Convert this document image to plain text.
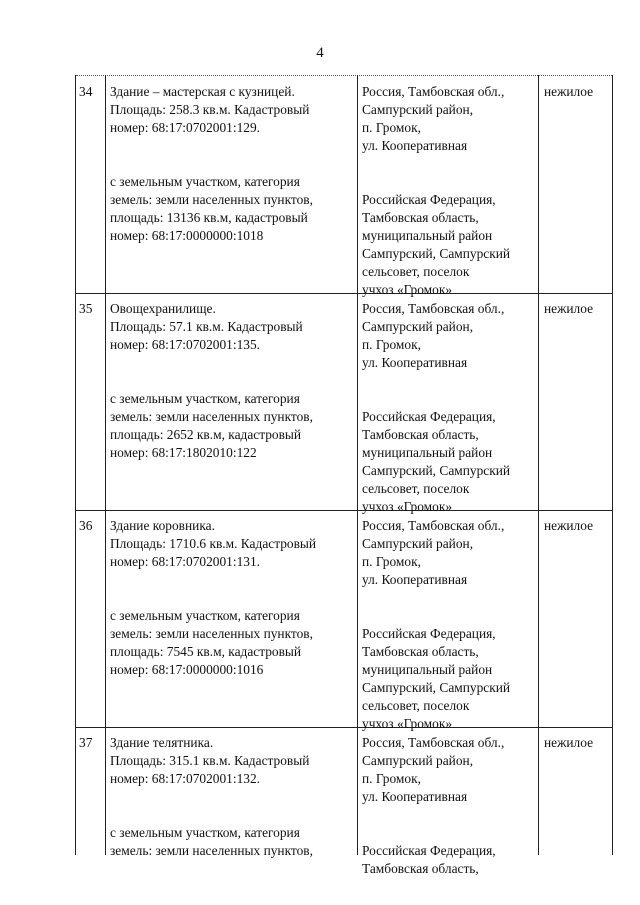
4
34 Здание – мастерская с кузницей.
Площадь: 258.3 кв.м. Кадастровый
номер: 68:17:0702001:129.
с земельным участком, категория
земель: земли населенных пунктов,
площадь: 13136 кв.м, кадастровый
номер: 68:17:0000000:1018
Россия, Тамбовская обл.,
Сампурский район,
п. Громок,
ул. Кооперативная
Российская Федерация,
Тамбовская область,
муниципальный район
Сампурский, Сампурский
сельсовет, поселок
учхоз «Громок»
нежилое
35 Овощехранилище.
Площадь: 57.1 кв.м. Кадастровый
номер: 68:17:0702001:135.
с земельным участком, категория
земель: земли населенных пунктов,
площадь: 2652 кв.м, кадастровый
номер: 68:17:1802010:122
Россия, Тамбовская обл.,
Сампурский район,
п. Громок,
ул. Кооперативная
Российская Федерация,
Тамбовская область,
муниципальный район
Сампурский, Сампурский
сельсовет, поселок
учхоз «Громок»
нежилое
36 Здание коровника.
Площадь: 1710.6 кв.м. Кадастровый
номер: 68:17:0702001:131.
с земельным участком, категория
земель: земли населенных пунктов,
площадь: 7545 кв.м, кадастровый
номер: 68:17:0000000:1016
Россия, Тамбовская обл.,
Сампурский район,
п. Громок,
ул. Кооперативная
Российская Федерация,
Тамбовская область,
муниципальный район
Сампурский, Сампурский
сельсовет, поселок
учхоз «Громок»
нежилое
37 Здание телятника.
Площадь: 315.1 кв.м. Кадастровый
номер: 68:17:0702001:132.
с земельным участком, категория
земель: земли населенных пунктов,
Россия, Тамбовская обл.,
Сампурский район,
п. Громок,
ул. Кооперативная
Российская Федерация,
Тамбовская область,
нежилое
